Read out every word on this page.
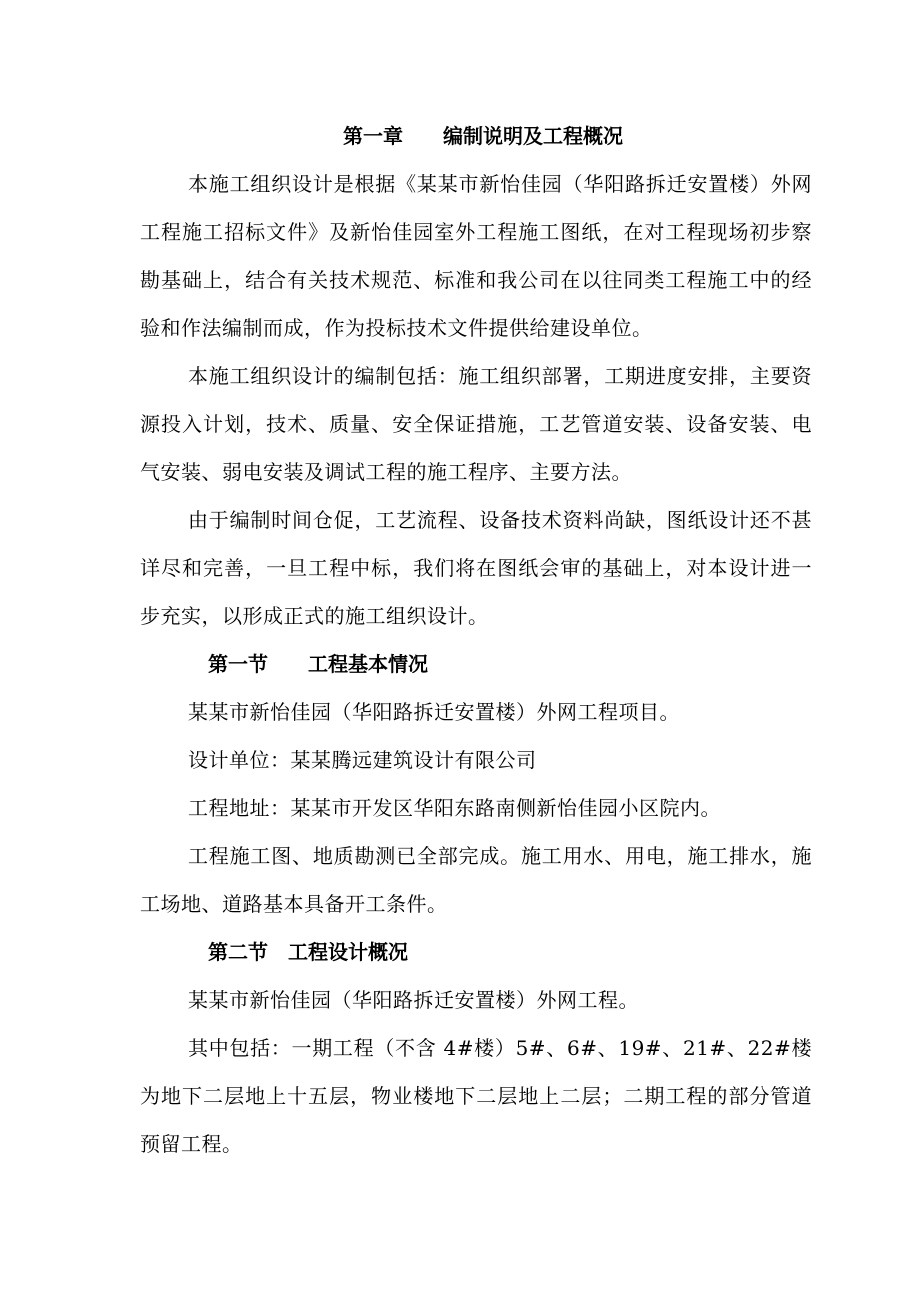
第一章　　编制说明及工程概况

本施工组织设计是根据《某某市新怡佳园（华阳路拆迁安置楼）外网工程施工招标文件》及新怡佳园室外工程施工图纸，在对工程现场初步察勘基础上，结合有关技术规范、标准和我公司在以往同类工程施工中的经验和作法编制而成，作为投标技术文件提供给建设单位。

本施工组织设计的编制包括：施工组织部署，工期进度安排，主要资源投入计划，技术、质量、安全保证措施，工艺管道安装、设备安装、电气安装、弱电安装及调试工程的施工程序、主要方法。

由于编制时间仓促，工艺流程、设备技术资料尚缺，图纸设计还不甚详尽和完善，一旦工程中标，我们将在图纸会审的基础上，对本设计进一步充实，以形成正式的施工组织设计。

第一节　　工程基本情况

某某市新怡佳园（华阳路拆迁安置楼）外网工程项目。

设计单位：某某腾远建筑设计有限公司

工程地址：某某市开发区华阳东路南侧新怡佳园小区院内。

工程施工图、地质勘测已全部完成。施工用水、用电，施工排水，施工场地、道路基本具备开工条件。

第二节　工程设计概况

某某市新怡佳园（华阳路拆迁安置楼）外网工程。

其中包括：一期工程（不含 4#楼）5#、6#、19#、21#、22#楼为地下二层地上十五层，物业楼地下二层地上二层；二期工程的部分管道预留工程。
